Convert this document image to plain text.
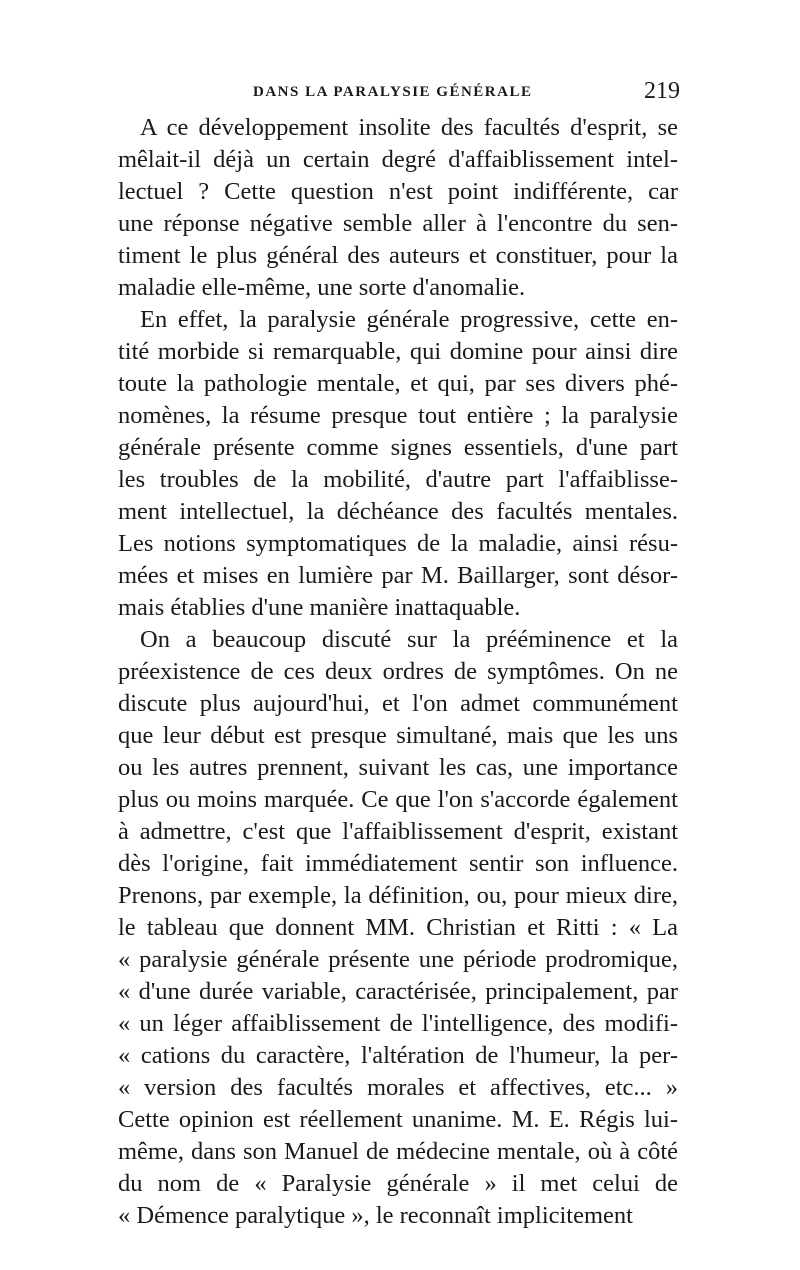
DANS LA PARALYSIE GÉNÉRALE	219
A ce développement insolite des facultés d'esprit, se
mêlait-il déjà un certain degré d'affaiblissement intel-
lectuel ? Cette question n'est point indifférente, car
une réponse négative semble aller à l'encontre du sen-
timent le plus général des auteurs et constituer, pour la
maladie elle-même, une sorte d'anomalie.
En effet, la paralysie générale progressive, cette en-
tité morbide si remarquable, qui domine pour ainsi dire
toute la pathologie mentale, et qui, par ses divers phé-
nomènes, la résume presque tout entière ; la paralysie
générale présente comme signes essentiels, d'une part
les troubles de la mobilité, d'autre part l'affaiblisse-
ment intellectuel, la déchéance des facultés mentales.
Les notions symptomatiques de la maladie, ainsi résu-
mées et mises en lumière par M. Baillarger, sont désor-
mais établies d'une manière inattaquable.
On a beaucoup discuté sur la prééminence et la
préexistence de ces deux ordres de symptômes. On ne
discute plus aujourd'hui, et l'on admet communément
que leur début est presque simultané, mais que les uns
ou les autres prennent, suivant les cas, une importance
plus ou moins marquée. Ce que l'on s'accorde également
à admettre, c'est que l'affaiblissement d'esprit, existant
dès l'origine, fait immédiatement sentir son influence.
Prenons, par exemple, la définition, ou, pour mieux dire,
le tableau que donnent MM. Christian et Ritti : « La
« paralysie générale présente une période prodromique,
« d'une durée variable, caractérisée, principalement, par
« un léger affaiblissement de l'intelligence, des modifi-
« cations du caractère, l'altération de l'humeur, la per-
« version des facultés morales et affectives, etc... »
Cette opinion est réellement unanime. M. E. Régis lui-
même, dans son Manuel de médecine mentale, où à côté
du nom de « Paralysie générale » il met celui de
« Démence paralytique », le reconnaît implicitement
